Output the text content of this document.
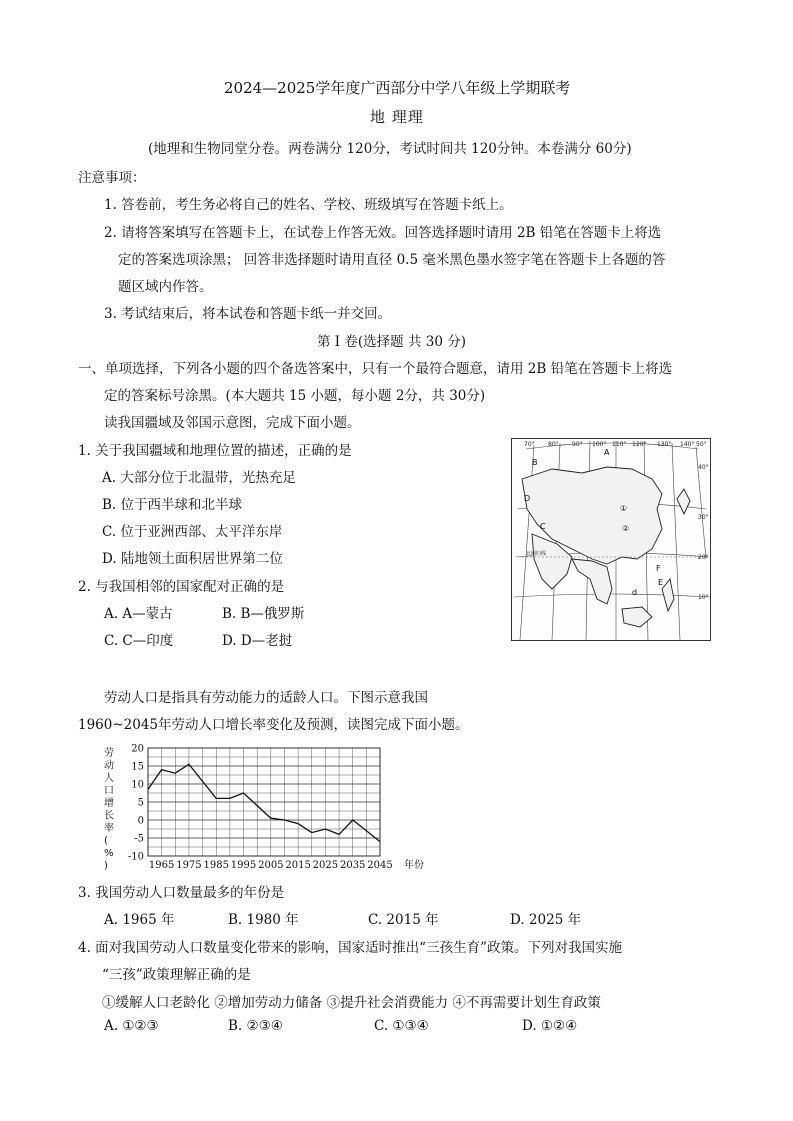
2024—2025学年度广西部分中学八年级上学期联考
地 理理
(地理和生物同堂分卷。两卷满分 120分，考试时间共 120分钟。本卷满分 60分)
注意事项：
1. 答卷前，考生务必将自己的姓名、学校、班级填写在答题卡纸上。
2. 请将答案填写在答题卡上，在试卷上作答无效。回答选择题时请用 2B 铅笔在答题卡上将选
定的答案选项涂黑； 回答非选择题时请用直径 0.5 毫米黑色墨水签字笔在答题卡上各题的答
题区域内作答。
3. 考试结束后，将本试卷和答题卡纸一并交回。
第 I 卷(选择题 共 30 分)
一、单项选择，下列各小题的四个备选答案中，只有一个最符合题意，请用 2B 铅笔在答题卡上将选
定的答案标号涂黑。(本大题共 15 小题，每小题 2分，共 30分)
读我国疆域及邻国示意图，完成下面小题。
1. 关于我国疆域和地理位置的描述，正确的是
A. 大部分位于北温带，光热充足
B. 位于西半球和北半球
C. 位于亚洲西部、太平洋东岸
D. 陆地领土面积居世界第二位
2. 与我国相邻的国家配对正确的是
A. A—蒙古	B. B—俄罗斯
C. C—印度	D. D—老挝
70° 80° 90° 100° 110° 120° 130° 140° 50°
40°
30°
20°
10°
北回归线
A
B
C
D
E
F
①
②
d
劳动人口是指具有劳动能力的适龄人口。下图示意我国
1960~2045年劳动人口增长率变化及预测，读图完成下面小题。
劳
动
人
口
增
长
率
(
%
)
20
15
10
5
0
-5
-10
1965 1975 1985 1995 2005 2015 2025 2035 2045 年份
3. 我国劳动人口数量最多的年份是
A. 1965 年	B. 1980 年	C. 2015 年	D. 2025 年
4. 面对我国劳动人口数量变化带来的影响，国家适时推出“三孩生育”政策。下列对我国实施
“三孩”政策理解正确的是
①缓解人口老龄化 ②增加劳动力储备 ③提升社会消费能力 ④不再需要计划生育政策
A. ①②③	B. ②③④	C. ①③④	D. ①②④
